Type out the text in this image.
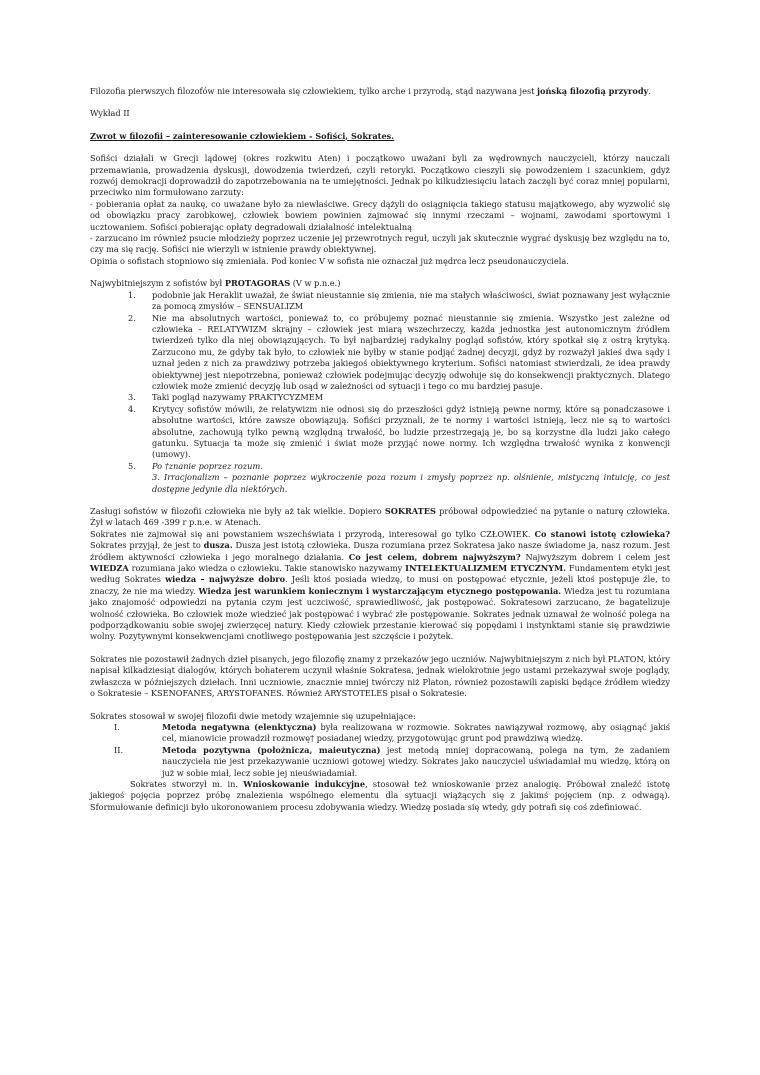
Filozofia pierwszych filozofów nie interesowała się człowiekiem, tylko arche i przyrodą, stąd nazywana jest jońską filozofią przyrody.

Wykład II

Zwrot w filozofii – zainteresowanie człowiekiem - Sofiści, Sokrates.

Sofiści działali w Grecji lądowej (okres rozkwitu Aten) i początkowo uważani byli za wędrownych nauczycieli, którzy nauczali przemawiania, prowadzenia dyskusji, dowodzenia twierdzeń, czyli retoryki. Początkowo cieszyli się powodzeniem i szacunkiem, gdyż rozwój demokracji doprowadził do zapotrzebowania na te umiejętności. Jednak po kilkudziesięciu latach zaczęli być coraz mniej popularni, przeciwko nim formułowano zarzuty:

- pobierania opłat za naukę, co uważane było za niewłaściwe. Grecy dążyli do osiągnięcia takiego statusu majątkowego, aby wyzwolić się od obowiązku pracy zarobkowej, człowiek bowiem powinien zajmować się innymi rzeczami – wojnami, zawodami sportowymi i ucztowaniem. Sofiści pobierając opłaty degradowali działalność intelektualną

- zarzucano im również psucie młodzieży poprzez uczenie jej przewrotnych reguł, uczyli jak skutecznie wygrać dyskusję bez względu na to, czy ma się rację. Sofiści nie wierzyli w istnienie prawdy obiektywnej.

Opinia o sofistach stopniowo się zmieniała. Pod koniec V w sofista nie oznaczał już mędrca lecz pseudonauczyciela.

Najwybitniejszym z sofistów był PROTAGORAS (V w p.n.e.)

1.	podobnie jak Heraklit uważał, że świat nieustannie się zmienia, nie ma stałych właściwości, świat poznawany jest wyłącznie za pomocą zmysłów – SENSUALIZM
2.	Nie ma absolutnych wartości, ponieważ to, co próbujemy poznać nieustannie się zmienia. Wszystko jest zależne od człowieka – RELATYWIZM skrajny – człowiek jest miarą wszechrzeczy, każda jednostka jest autonomicznym źródłem twierdzeń tylko dla niej obowiązujących. To był najbardziej radykalny pogląd sofistów, który spotkał się z ostrą krytyką. Zarzucono mu, że gdyby tak było, to człowiek nie byłby w stanie podjąć żadnej decyzji, gdyż by rozważył jakieś dwa sądy i uznał jeden z nich za prawdziwy potrzeba jakiegoś obiektywnego kryterium. Sofiści natomiast stwierdzali, że idea prawdy obiektywnej jest niepotrzebna, ponieważ człowiek podejmując decyzję odwołuje się do konsekwencji praktycznych. Dlatego człowiek może zmienić decyzję lub osąd w zależności od sytuacji i tego co mu bardziej pasuje.
3.	Taki pogląd nazywamy PRAKTYCYZMEM
4.	Krytycy sofistów mówili, że relatywizm nie odnosi się do przeszłości gdyż istnieją pewne normy, które są ponadczasowe i absolutne wartości, które zawsze obowiązują. Sofiści przyznali, że te normy i wartości istnieją, lecz nie są to wartości absolutne, zachowują tylko pewną względną trwałość, bo ludzie przestrzegają je, bo są korzystne dla ludzi jako całego gatunku. Sytuacja ta może się zmienić i świat może przyjąć nowe normy. Ich względna trwałość wynika z konwencji (umowy).
5.	Po †znanie poprzez rozum.

3. Irracjonalizm – poznanie poprzez wykroczenie poza rozum i zmysły poprzez np. olśnienie, mistyczną intuicję, co jest dostępne jedynie dla niektórych.

Zasługi sofistów w filozofii człowieka nie były aż tak wielkie. Dopiero SOKRATES próbował odpowiedzieć na pytanie o naturę człowieka. Żył w latach 469 -399 r p.n.e. w Atenach.

Sokrates nie zajmował się ani powstaniem wszechświata i przyrodą, interesował go tylko CZŁOWIEK. Co stanowi istotę człowieka? Sokrates przyjął, że jest to dusza. Dusza jest istotą człowieka. Dusza rozumiana przez Sokratesa jako nasze świadome ja, nasz rozum. Jest źródłem aktywności człowieka i jego moralnego działania. Co jest celem, dobrem najwyższym? Najwyższym dobrem i celem jest WIEDZA rozumiana jako wiedza o człowieku. Takie stanowisko nazywamy INTELEKTUALIZMEM ETYCZNYM. Fundamentem etyki jest według Sokrates wiedza – najwyższe dobro. Jeśli ktoś posiada wiedzę, to musi on postępować etycznie, jeżeli ktoś postępuje źle, to znaczy, że nie ma wiedzy. Wiedza jest warunkiem koniecznym i wystarczającym etycznego postępowania. Wiedza jest tu rozumiana jako znajomość odpowiedzi na pytania czym jest uczciwość, sprawiedliwość, jak postępować. Sokratesowi zarzucano, że bagatelizuje wolność człowieka. Bo człowiek może wiedzieć jak postępować i wybrać złe postępowanie. Sokrates jednak uznawał że wolność polega na podporządkowaniu sobie swojej zwierzęcej natury. Kiedy człowiek przestanie kierować się popędami i instynktami stanie się prawdziwie wolny. Pozytywnymi konsekwencjami cnotliwego postępowania jest szczęście i pożytek.

Sokrates nie pozostawił żadnych dzieł pisanych, jego filozofię znamy z przekazów jego uczniów. Najwybitniejszym z nich był PLATON, który napisał kilkadziesiąt dialogów, których bohaterem uczynił właśnie Sokratesa, jednak wielokrotnie jego ustami przekazywał swoje poglądy, zwłaszcza w późniejszych dziełach. Inni uczniowie, znacznie mniej twórczy niż Platon, również pozostawili zapiski będące źródłem wiedzy o Sokratesie – KSENOFANES, ARYSTOFANES. Również ARYSTOTELES pisał o Sokratesie.

Sokrates stosował w swojej filozofii dwie metody wzajemnie się uzupełniające:

I.	Metoda negatywna (elenktyczna) była realizowana w rozmowie. Sokrates nawiązywał rozmowę, aby osiągnąć jakiś cel, mianowicie prowadził rozmowę† posiadanej wiedzy, przygotowując grunt pod prawdziwą wiedzę.
II.	Metoda pozytywna (położnicza, maieutyczna) jest metodą mniej dopracowaną, polega na tym, że zadaniem nauczyciela nie jest przekazywanie uczniowi gotowej wiedzy. Sokrates jako nauczyciel uświadamiał mu wiedzę, którą on już w sobie miał, lecz sobie jej nieuświadamiał.

Sokrates stworzył m. in. Wnioskowanie indukcyjne, stosował też wnioskowanie przez analogię. Próbował znaleźć istotę jakiegoś pojęcia poprzez próbę znalezienia wspólnego elementu dla sytuacji wiążących się z jakimś pojęciem (np. z odwagą). Sformułowanie definicji było ukoronowaniem procesu zdobywania wiedzy. Wiedzę posiada się wtedy, gdy potrafi się coś zdefiniować.
